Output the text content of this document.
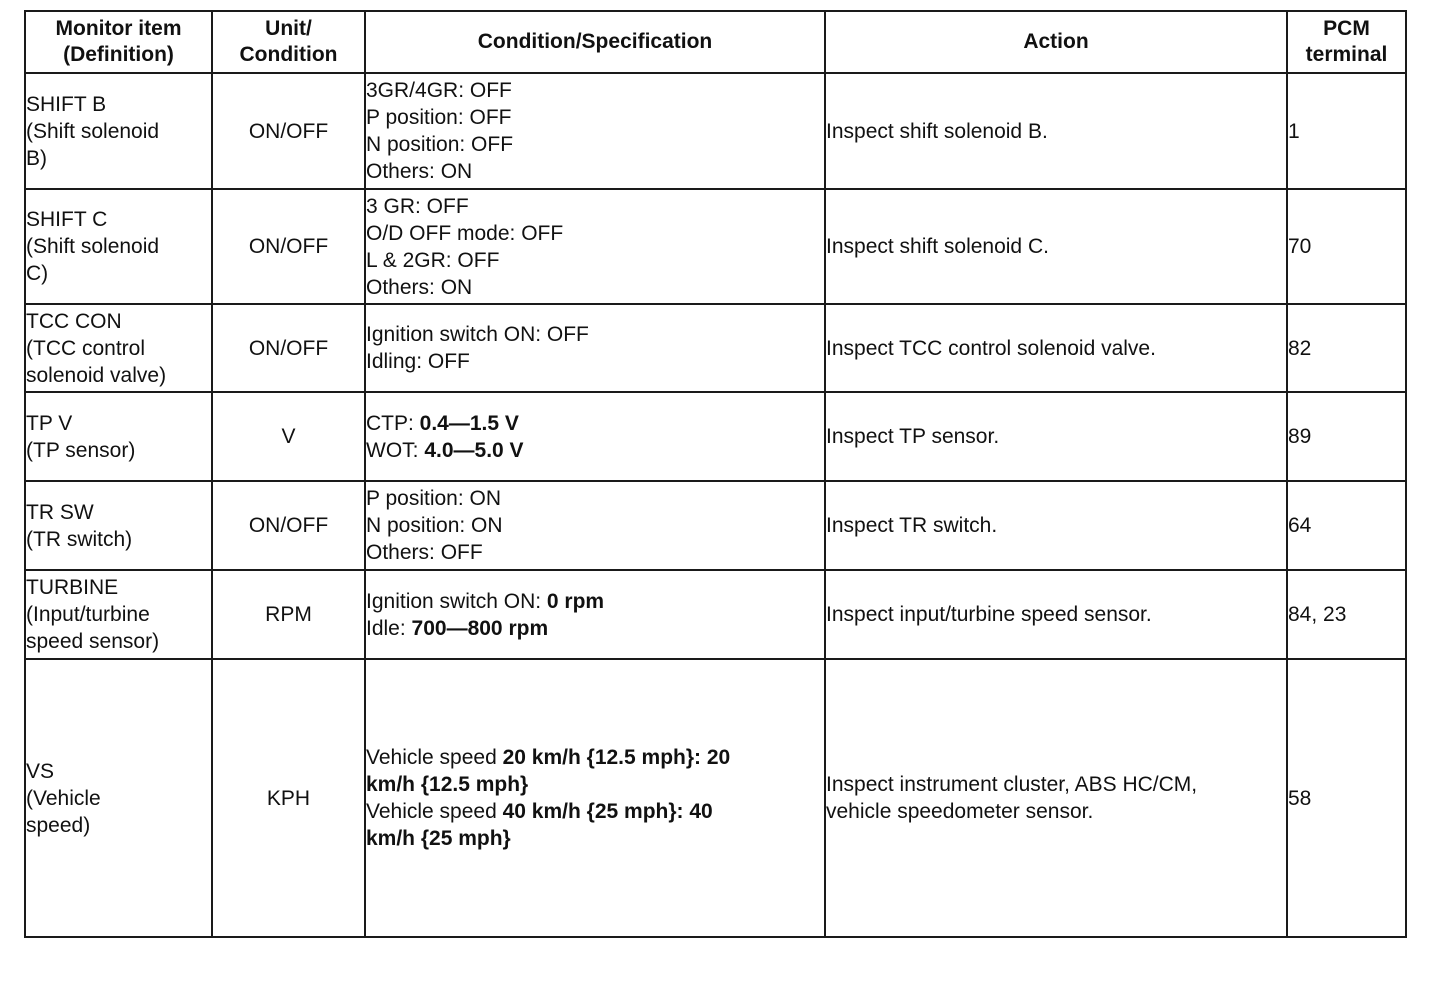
Monitor item
(Definition)	Unit/
Condition	Condition/Specification	Action	PCM
terminal

SHIFT B
(Shift solenoid
B)	ON/OFF	3GR/4GR: OFF
P position: OFF
N position: OFF
Others: ON	Inspect shift solenoid B.	1

SHIFT C
(Shift solenoid
C)	ON/OFF	3 GR: OFF
O/D OFF mode: OFF
L & 2GR: OFF
Others: ON	Inspect shift solenoid C.	70

TCC CON
(TCC control
solenoid valve)	ON/OFF	Ignition switch ON: OFF
Idling: OFF	Inspect TCC control solenoid valve.	82

TP V
(TP sensor)	V	CTP: 0.4—1.5 V
WOT: 4.0—5.0 V	Inspect TP sensor.	89

TR SW
(TR switch)	ON/OFF	P position: ON
N position: ON
Others: OFF	Inspect TR switch.	64

TURBINE
(Input/turbine
speed sensor)	RPM	Ignition switch ON: 0 rpm
Idle: 700—800 rpm	Inspect input/turbine speed sensor.	84, 23

VS
(Vehicle
speed)	KPH	Vehicle speed 20 km/h {12.5 mph}: 20
km/h {12.5 mph}
Vehicle speed 40 km/h {25 mph}: 40
km/h {25 mph}	Inspect instrument cluster, ABS HC/CM,
vehicle speedometer sensor.	58
